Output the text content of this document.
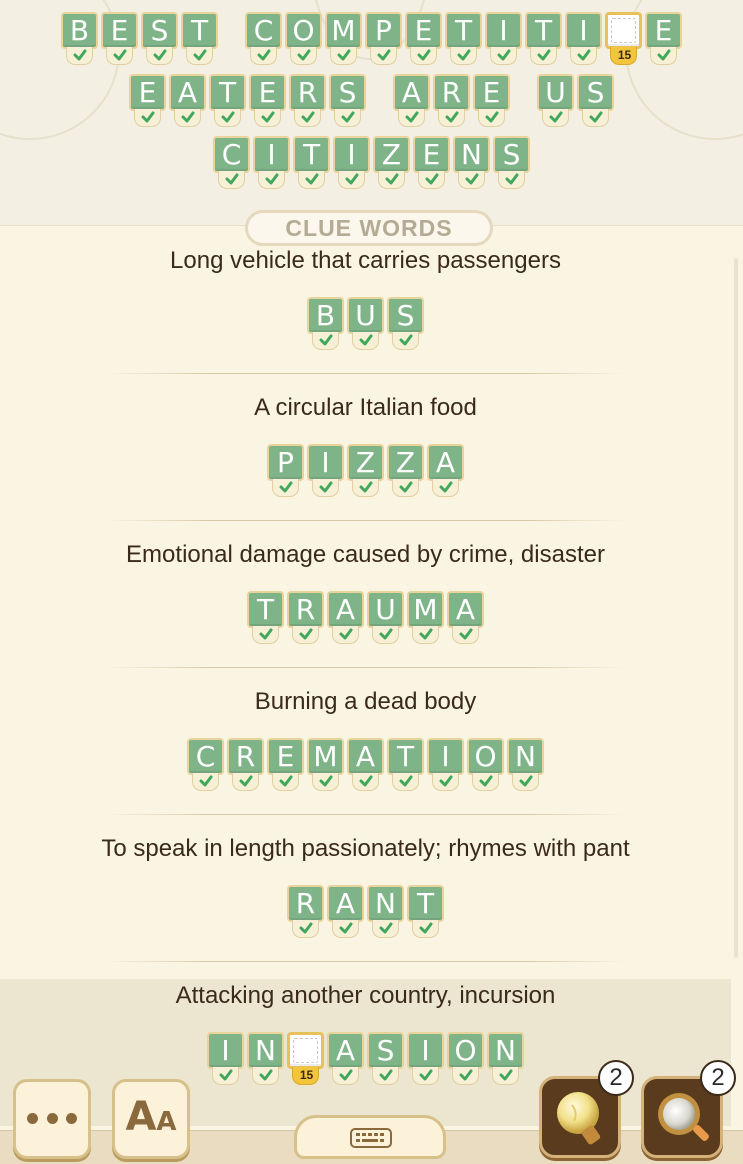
B E S T	C O M P E T I T I
15
E
E A T E R S	A R E	U S
C I T I Z E N S
CLUE WORDS
Long vehicle that carries passengers
B U S
A circular Italian food
P I Z Z A
Emotional damage caused by crime, disaster
T R A U M A
Burning a dead body
C R E M A T I O N
To speak in length passionately; rhymes with pant
R A N T
Attacking another country, incursion
I N
15
A S I O N
AA
2	2
